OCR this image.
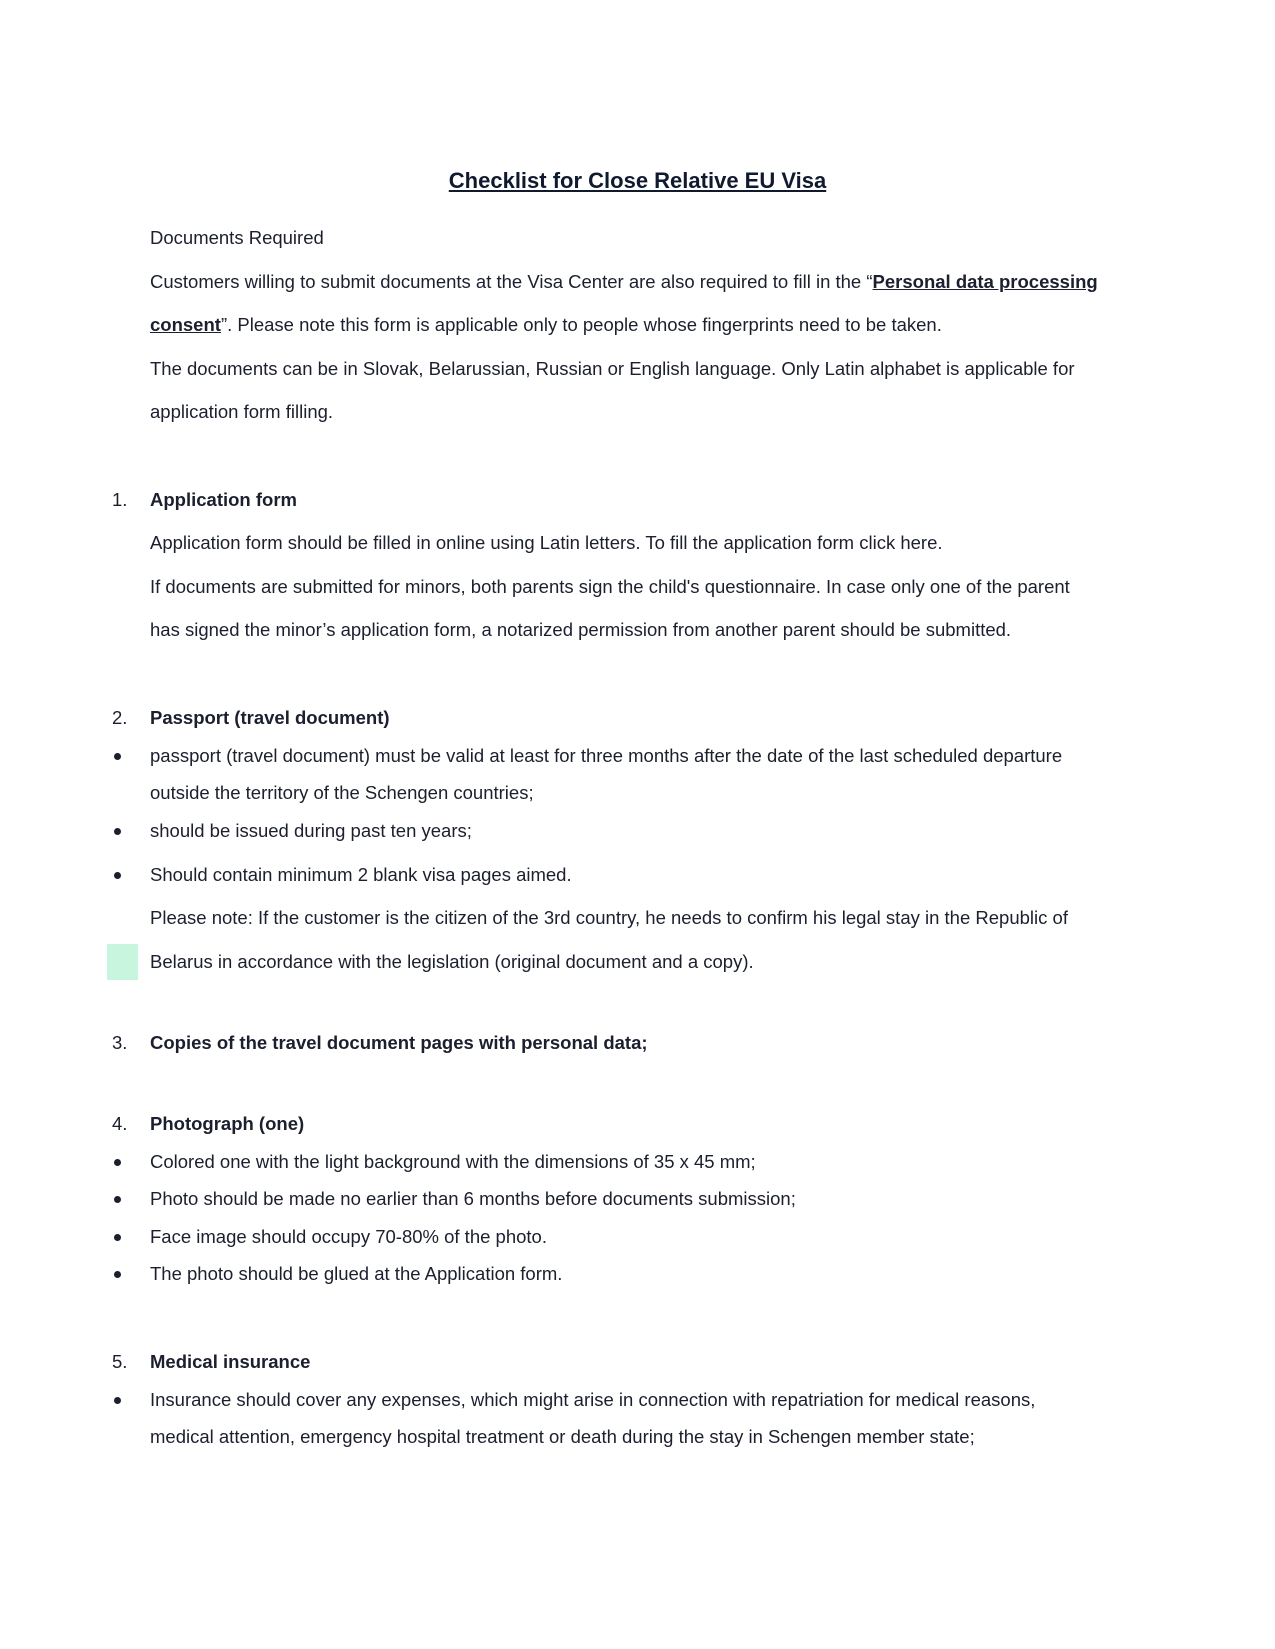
Checklist for Close Relative EU Visa
Documents Required
Customers willing to submit documents at the Visa Center are also required to fill in the “Personal data processing
consent”. Please note this form is applicable only to people whose fingerprints need to be taken.
The documents can be in Slovak, Belarussian, Russian or English language. Only Latin alphabet is applicable for
application form filling.
1. Application form
Application form should be filled in online using Latin letters. To fill the application form click here.
If documents are submitted for minors, both parents sign the child's questionnaire. In case only one of the parent
has signed the minor’s application form, a notarized permission from another parent should be submitted.
2. Passport (travel document)
passport (travel document) must be valid at least for three months after the date of the last scheduled departure
outside the territory of the Schengen countries;
should be issued during past ten years;
Should contain minimum 2 blank visa pages aimed.
Please note: If the customer is the citizen of the 3rd country, he needs to confirm his legal stay in the Republic of
Belarus in accordance with the legislation (original document and a copy).
3. Copies of the travel document pages with personal data;
4. Photograph (one)
Colored one with the light background with the dimensions of 35 x 45 mm;
Photo should be made no earlier than 6 months before documents submission;
Face image should occupy 70-80% of the photo.
The photo should be glued at the Application form.
5. Medical insurance
Insurance should cover any expenses, which might arise in connection with repatriation for medical reasons,
medical attention, emergency hospital treatment or death during the stay in Schengen member state;
